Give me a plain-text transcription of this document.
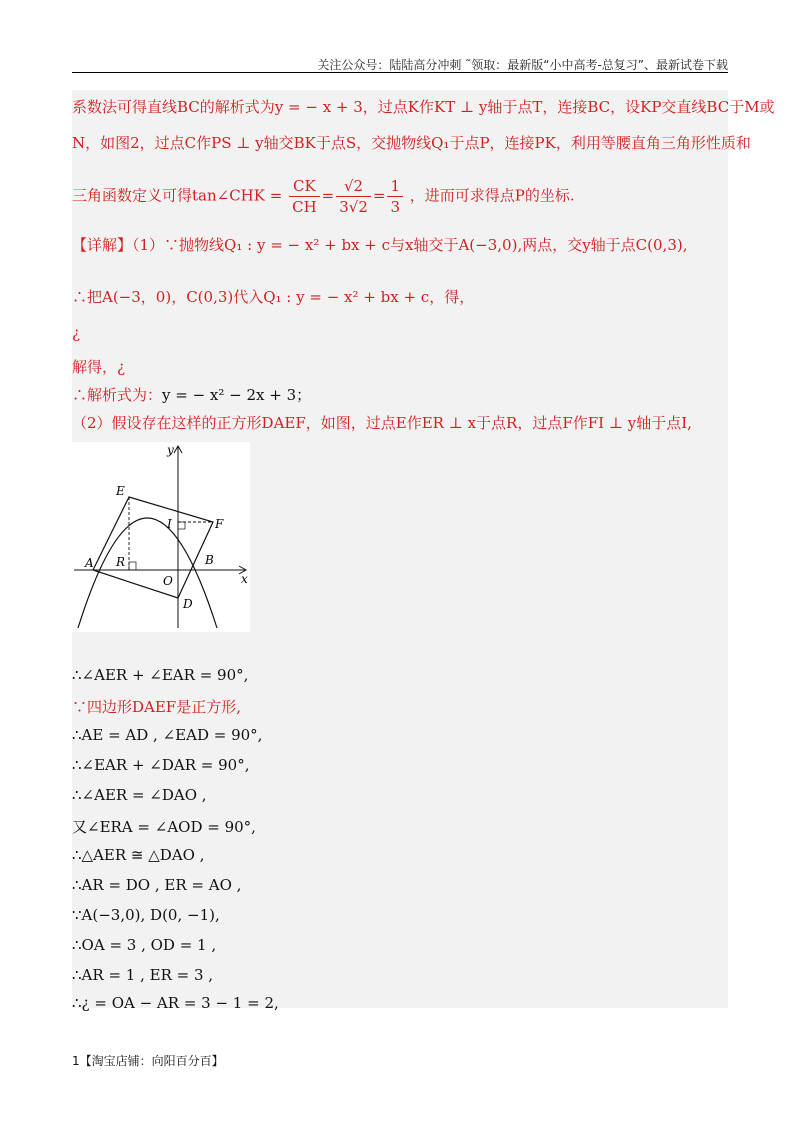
关注公众号：陆陆高分冲刺 ˜领取：最新版“小中高考-总复习”、最新试卷下载
系数法可得直线BC的解析式为y = − x + 3，过点K作KT ⊥ y轴于点T，连接BC，设KP交直线BC于M或
N，如图2，过点C作PS ⊥ y轴交BK于点S，交抛物线Q₁于点P，连接PK，利用等腰直角三角形性质和
三角函数定义可得tan∠CHK = $\frac{CK}{CH} = \frac{√2}{3√2} = \frac{1}{3}$ ，进而可求得点P的坐标.
【详解】（1）∵抛物线Q₁ : y = − x² + bx + c与x轴交于A(−3,0),两点，交y轴于点C(0,3),
∴把A(−3，0)，C(0,3)代入Q₁ : y = − x² + bx + c，得，
¿
解得，¿
∴解析式为：y = − x² − 2x + 3；
（2）假设存在这样的正方形DAEF，如图，过点E作ER ⊥ x于点R，过点F作FI ⊥ y轴于点I,
y
E
I	F
A R	B
O	x
D
∴∠AER + ∠EAR = 90°,
∵四边形DAEF是正方形,
∴AE = AD , ∠EAD = 90°,
∴∠EAR + ∠DAR = 90°,
∴∠AER = ∠DAO ,
又∠ERA = ∠AOD = 90°,
∴△AER ≅ △DAO ,
∴AR = DO , ER = AO ,
∵A(−3,0), D(0, −1),
∴OA = 3 , OD = 1 ,
∴AR = 1 , ER = 3 ,
∴¿ = OA − AR = 3 − 1 = 2,
1【淘宝店铺：向阳百分百】
